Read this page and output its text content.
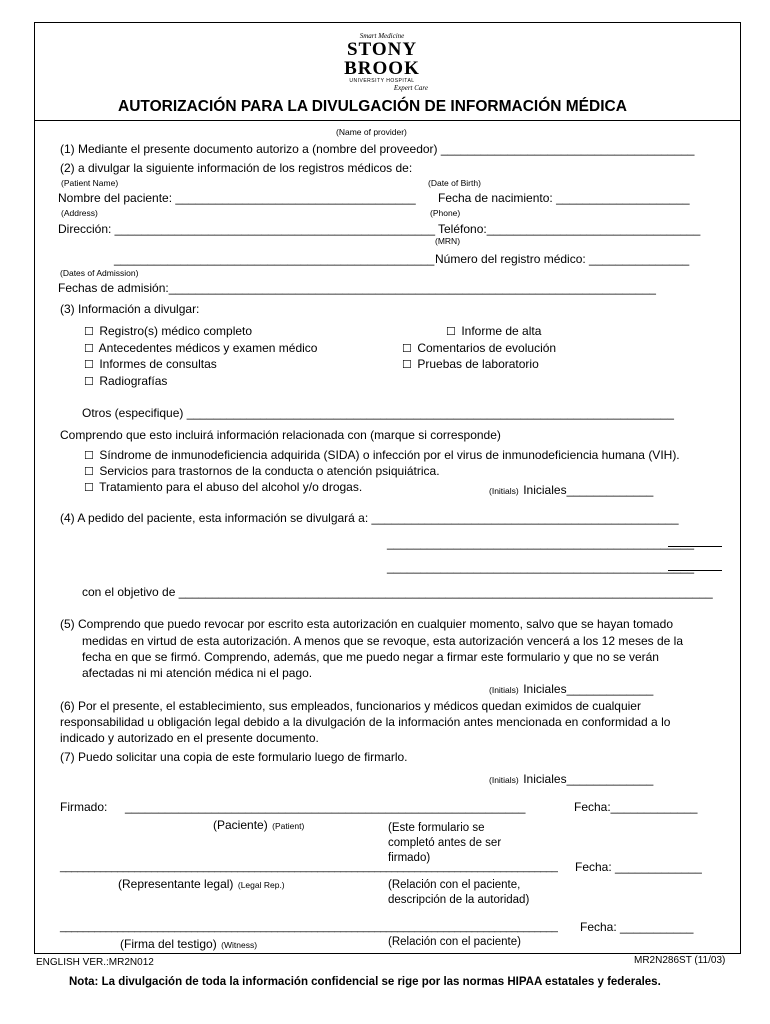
Smart Medicine
STONY
BROOK
UNIVERSITY HOSPITAL
Expert Care
AUTORIZACIÓN PARA LA DIVULGACIÓN DE INFORMACIÓN MÉDICA
(Name of provider)
(1) Mediante el presente documento autorizo a (nombre del proveedor) ______________________________________
(2) a divulgar la siguiente información de los registros médicos de:
(Patient Name)	(Date of Birth)
Nombre del paciente: ____________________________________ Fecha de nacimiento: ____________________
(Address)	(Phone)
Dirección: ________________________________________________ Teléfono:________________________________
(MRN)
________________________________________________ Número del registro médico: _______________
(Dates of Admission)
Fechas de admisión:_________________________________________________________________________
(3) Información a divulgar:
☐ Registro(s) médico completo
☐ Antecedentes médicos y examen médico
☐ Informes de consultas
☐ Radiografías
☐ Informe de alta
☐ Comentarios de evolución
☐ Pruebas de laboratorio
Otros (especifique) _________________________________________________________________________
Comprendo que esto incluirá información relacionada con (marque si corresponde)
☐ Síndrome de inmunodeficiencia adquirida (SIDA) o infección por el virus de inmunodeficiencia humana (VIH).
☐ Servicios para trastornos de la conducta o atención psiquiátrica.
☐ Tratamiento para el abuso del alcohol y/o drogas.	(Initials) Iniciales_____________
(4) A pedido del paciente, esta información se divulgará a: ______________________________________________
______________________________________________
______________________________________________
con el objetivo de ________________________________________________________________________________
(5) Comprendo que puedo revocar por escrito esta autorización en cualquier momento, salvo que se hayan tomado
medidas en virtud de esta autorización. A menos que se revoque, esta autorización vencerá a los 12 meses de la
fecha en que se firmó. Comprendo, además, que me puedo negar a firmar este formulario y que no se verán
afectadas ni mi atención médica ni el pago.
(Initials) Iniciales_____________
(6) Por el presente, el establecimiento, sus empleados, funcionarios y médicos quedan eximidos de cualquier
responsabilidad u obligación legal debido a la divulgación de la información antes mencionada en conformidad a lo
indicado y autorizado en el presente documento.
(7) Puedo solicitar una copia de este formulario luego de firmarlo.
(Initials) Iniciales_____________
Firmado: ____________________________________________________________	Fecha:_____________
(Paciente) (Patient)	(Este formulario se
completó antes de ser
firmado)
_______________________________________________________________________________________ Fecha: _____________
(Representante legal) (Legal Rep.)	(Relación con el paciente,
descripción de la autoridad)
_______________________________________________________________________________________ Fecha: ___________
(Firma del testigo) (Witness)	(Relación con el paciente)
ENGLISH VER.:MR2N012	MR2N286ST (11/03)
Nota: La divulgación de toda la información confidencial se rige por las normas HIPAA estatales y federales.
